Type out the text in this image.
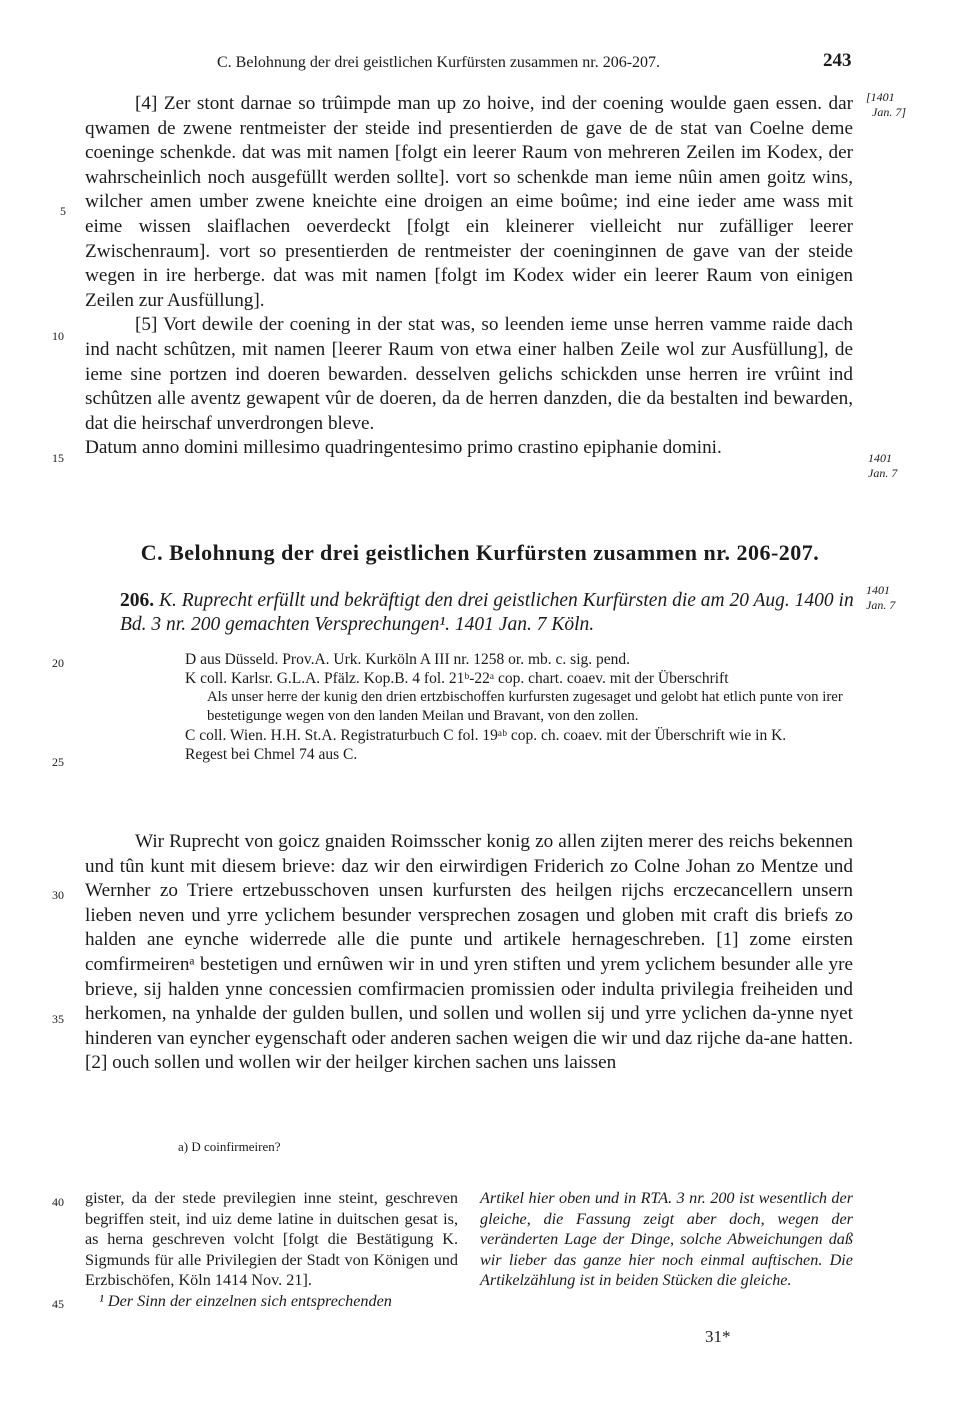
C. Belohnung der drei geistlichen Kurfürsten zusammen nr. 206-207.	243
[1401
Jan. 7]
1401
Jan. 7
1401
Jan. 7
5
10
15
20
25
30
35
40
45

[4] Zer stont darnae so trûimpde man up zo hoive, ind der coening woulde gaen essen. dar qwamen de zwene rentmeister der steide ind presentierden de gave de de stat van Coelne deme coeninge schenkde. dat was mit namen [folgt ein leerer Raum von mehreren Zeilen im Kodex, der wahrscheinlich noch ausgefüllt werden sollte]. vort so schenkde man ieme nûin amen goitz wins, wilcher amen umber zwene kneichte eine droigen an eime boûme; ind eine ieder ame wass mit eime wissen slaiflachen oeverdeckt [folgt ein kleinerer vielleicht nur zufälliger leerer Zwischenraum]. vort so presentierden de rentmeister der coeninginnen de gave van der steide wegen in ire herberge. dat was mit namen [folgt im Kodex wider ein leerer Raum von einigen Zeilen zur Ausfüllung].

[5] Vort dewile der coening in der stat was, so leenden ieme unse herren vamme raide dach ind nacht schûtzen, mit namen [leerer Raum von etwa einer halben Zeile wol zur Ausfüllung], de ieme sine portzen ind doeren bewarden. desselven gelichs schickden unse herren ire vrûint ind schûtzen alle aventz gewapent vûr de doeren, da de herren danzden, die da bestalten ind bewarden, dat die heirschaf unverdrongen bleve.

Datum anno domini millesimo quadringentesimo primo crastino epiphanie domini.

C. Belohnung der drei geistlichen Kurfürsten zusammen nr. 206-207.
206. K. Ruprecht erfüllt und bekräftigt den drei geistlichen Kurfürsten die am 20 Aug. 1400 in Bd. 3 nr. 200 gemachten Versprechungen¹. 1401 Jan. 7 Köln.

D aus Düsseld. Prov.A. Urk. Kurköln A III nr. 1258 or. mb. c. sig. pend.

K coll. Karlsr. G.L.A. Pfälz. Kop.B. 4 fol. 21ᵇ-22ᵃ cop. chart. coaev. mit der Überschrift

Als unser herre der kunig den drien ertzbischoffen kurfursten zugesaget und gelobt hat etlich punte von irer bestetigunge wegen von den landen Meilan und Bravant, von den zollen.

C coll. Wien. H.H. St.A. Registraturbuch C fol. 19ᵃᵇ cop. ch. coaev. mit der Überschrift wie in K.

Regest bei Chmel 74 aus C.

Wir Ruprecht von goicz gnaiden Roimsscher konig zo allen zijten merer des reichs bekennen und tûn kunt mit diesem brieve: daz wir den eirwirdigen Friderich zo Colne Johan zo Mentze und Wernher zo Triere ertzebusschoven unsen kurfursten des heilgen rijchs erczecancellern unsern lieben neven und yrre yclichem besunder versprechen zosagen und globen mit craft dis briefs zo halden ane eynche widerrede alle die punte und artikele hernageschreben. [1] zome eirsten comfirmeirenᵃ bestetigen und ernûwen wir in und yren stiften und yrem yclichem besunder alle yre brieve, sij halden ynne concessien comfirmacien promissien oder indulta privilegia freiheiden und herkomen, na ynhalde der gulden bullen, und sollen und wollen sij und yrre yclichen da-ynne nyet hinderen van eyncher eygenschaft oder anderen sachen weigen die wir und daz rijche da-ane hatten. [2] ouch sollen und wollen wir der heilger kirchen sachen uns laissen

a) D coinfirmeiren?

gister, da der stede previlegien inne steint, geschreven begriffen steit, ind uiz deme latine in duitschen gesat is, as herna geschreven volcht [folgt die Bestätigung K. Sigmunds für alle Privilegien der Stadt von Königen und Erzbischöfen, Köln 1414 Nov. 21].

¹ Der Sinn der einzelnen sich entsprechenden

Artikel hier oben und in RTA. 3 nr. 200 ist wesentlich der gleiche, die Fassung zeigt aber doch, wegen der veränderten Lage der Dinge, solche Abweichungen daß wir lieber das ganze hier noch einmal auftischen. Die Artikelzählung ist in beiden Stücken die gleiche.

31*
